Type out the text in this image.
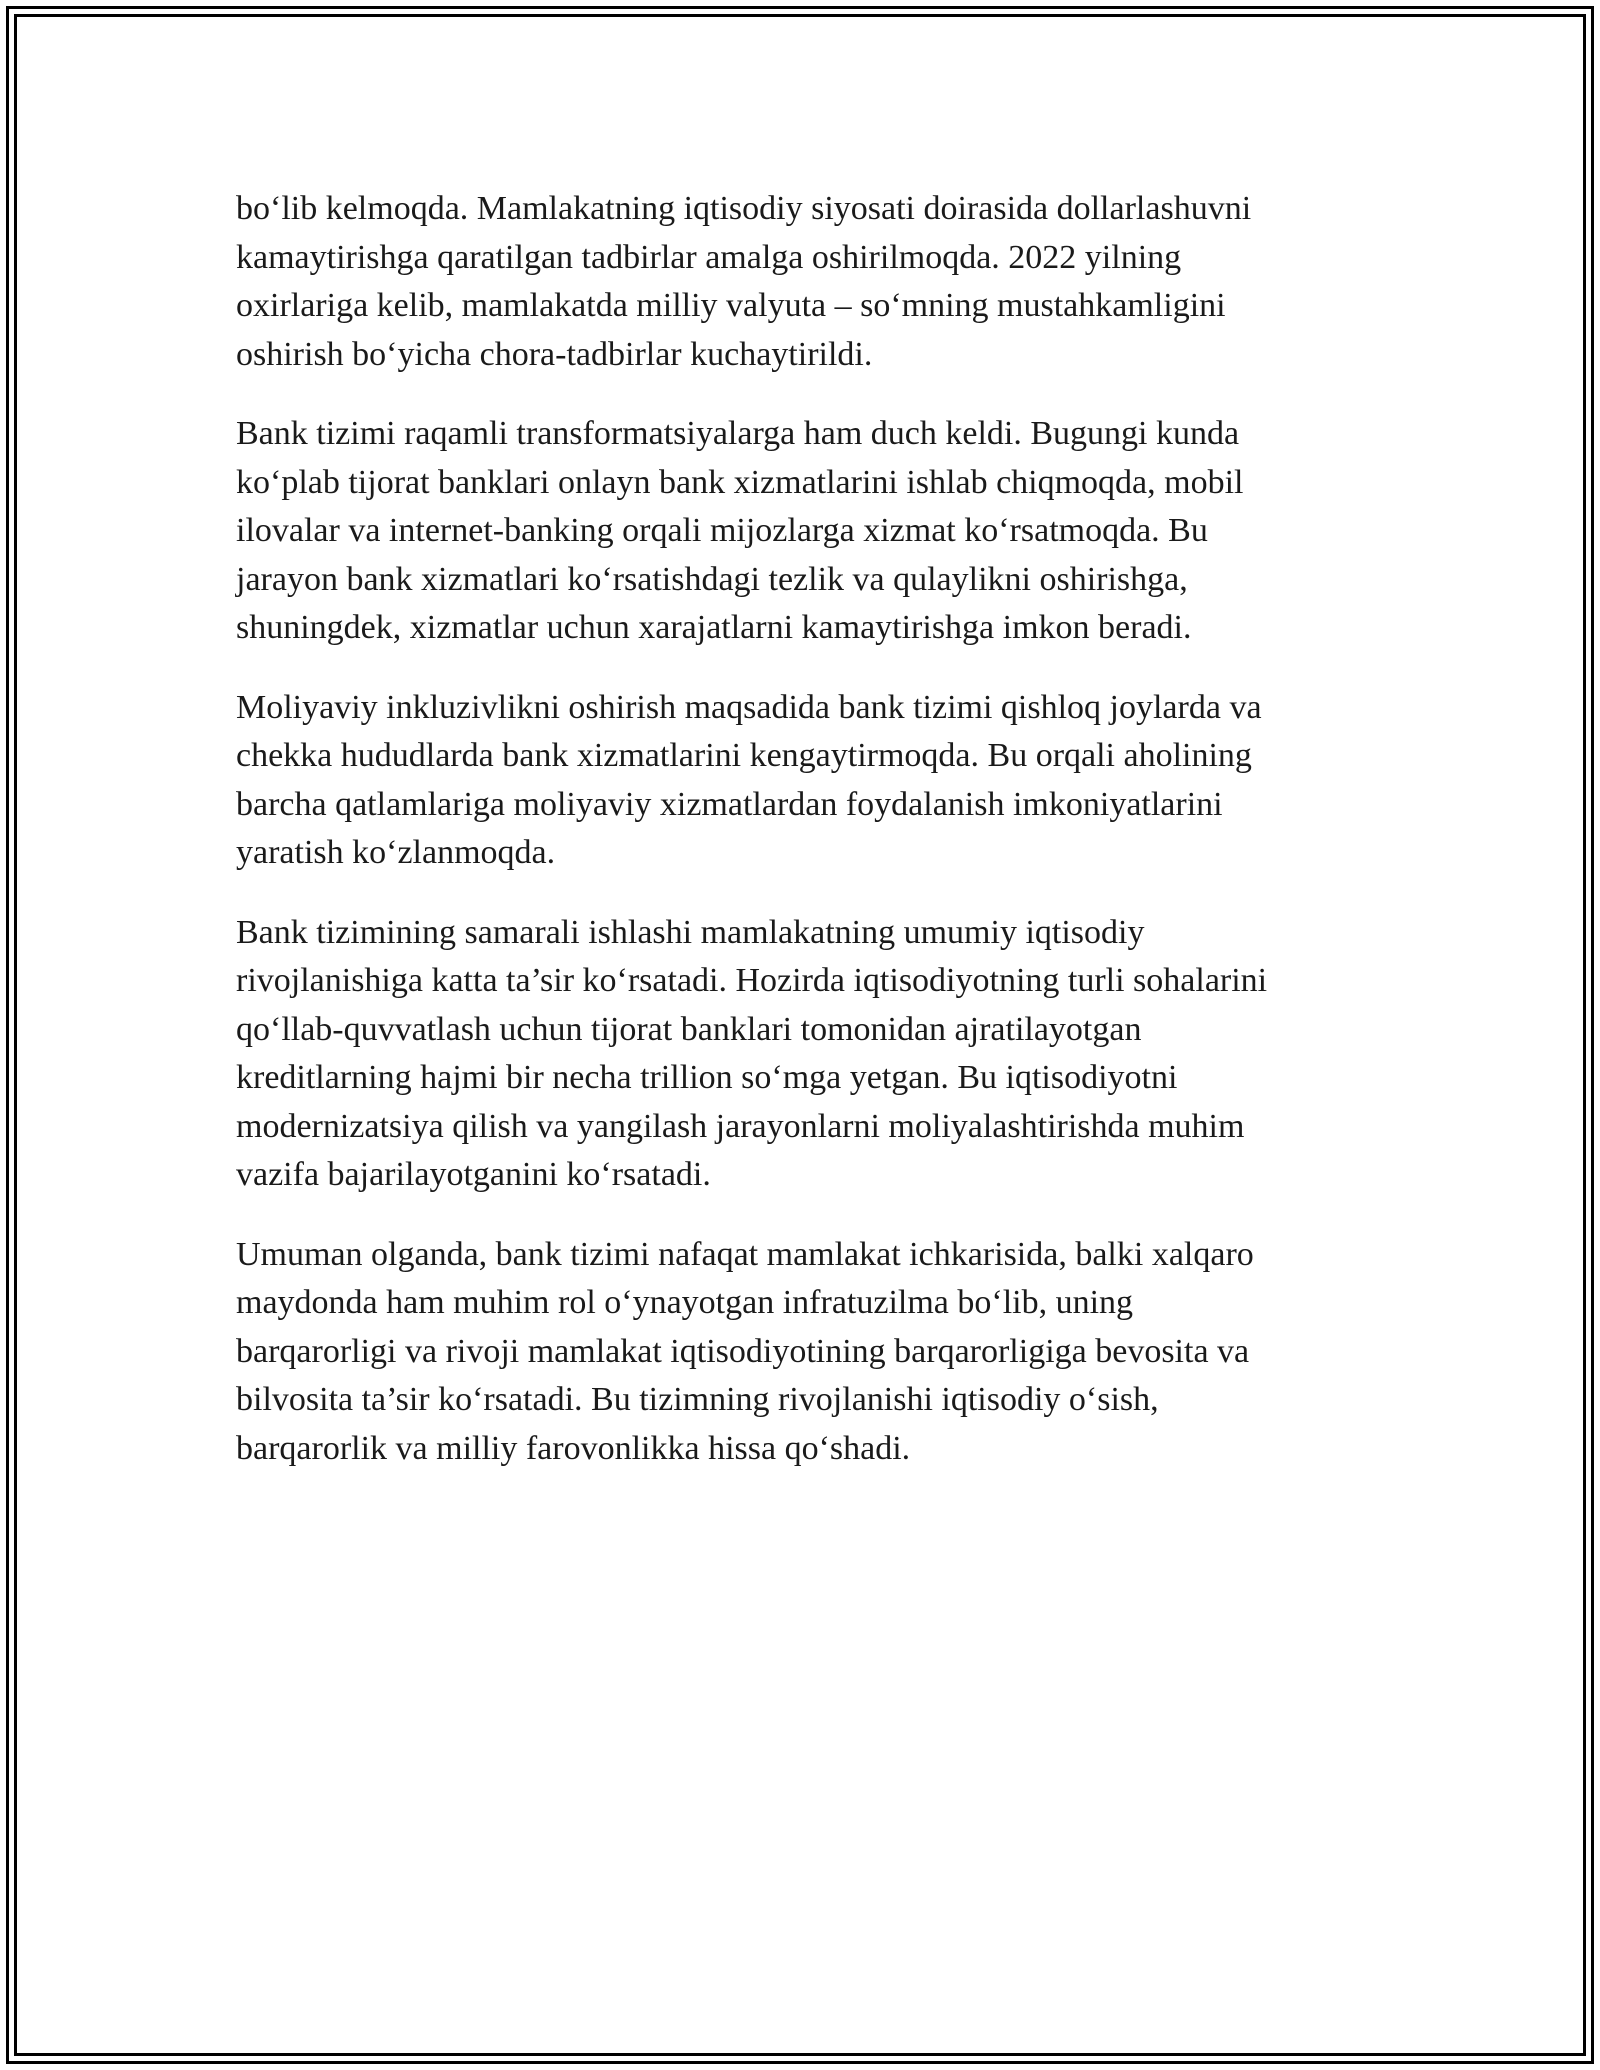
bo‘lib kelmoqda. Mamlakatning iqtisodiy siyosati doirasida dollarlashuvni
kamaytirishga qaratilgan tadbirlar amalga oshirilmoqda. 2022 yilning
oxirlariga kelib, mamlakatda milliy valyuta – so‘mning mustahkamligini
oshirish bo‘yicha chora-tadbirlar kuchaytirildi.

Bank tizimi raqamli transformatsiyalarga ham duch keldi. Bugungi kunda
ko‘plab tijorat banklari onlayn bank xizmatlarini ishlab chiqmoqda, mobil
ilovalar va internet-banking orqali mijozlarga xizmat ko‘rsatmoqda. Bu
jarayon bank xizmatlari ko‘rsatishdagi tezlik va qulaylikni oshirishga,
shuningdek, xizmatlar uchun xarajatlarni kamaytirishga imkon beradi.

Moliyaviy inkluzivlikni oshirish maqsadida bank tizimi qishloq joylarda va
chekka hududlarda bank xizmatlarini kengaytirmoqda. Bu orqali aholining
barcha qatlamlariga moliyaviy xizmatlardan foydalanish imkoniyatlarini
yaratish ko‘zlanmoqda.

Bank tizimining samarali ishlashi mamlakatning umumiy iqtisodiy
rivojlanishiga katta ta’sir ko‘rsatadi. Hozirda iqtisodiyotning turli sohalarini
qo‘llab-quvvatlash uchun tijorat banklari tomonidan ajratilayotgan
kreditlarning hajmi bir necha trillion so‘mga yetgan. Bu iqtisodiyotni
modernizatsiya qilish va yangilash jarayonlarni moliyalashtirishda muhim
vazifa bajarilayotganini ko‘rsatadi.

Umuman olganda, bank tizimi nafaqat mamlakat ichkarisida, balki xalqaro
maydonda ham muhim rol o‘ynayotgan infratuzilma bo‘lib, uning
barqarorligi va rivoji mamlakat iqtisodiyotining barqarorligiga bevosita va
bilvosita ta’sir ko‘rsatadi. Bu tizimning rivojlanishi iqtisodiy o‘sish,
barqarorlik va milliy farovonlikka hissa qo‘shadi.
